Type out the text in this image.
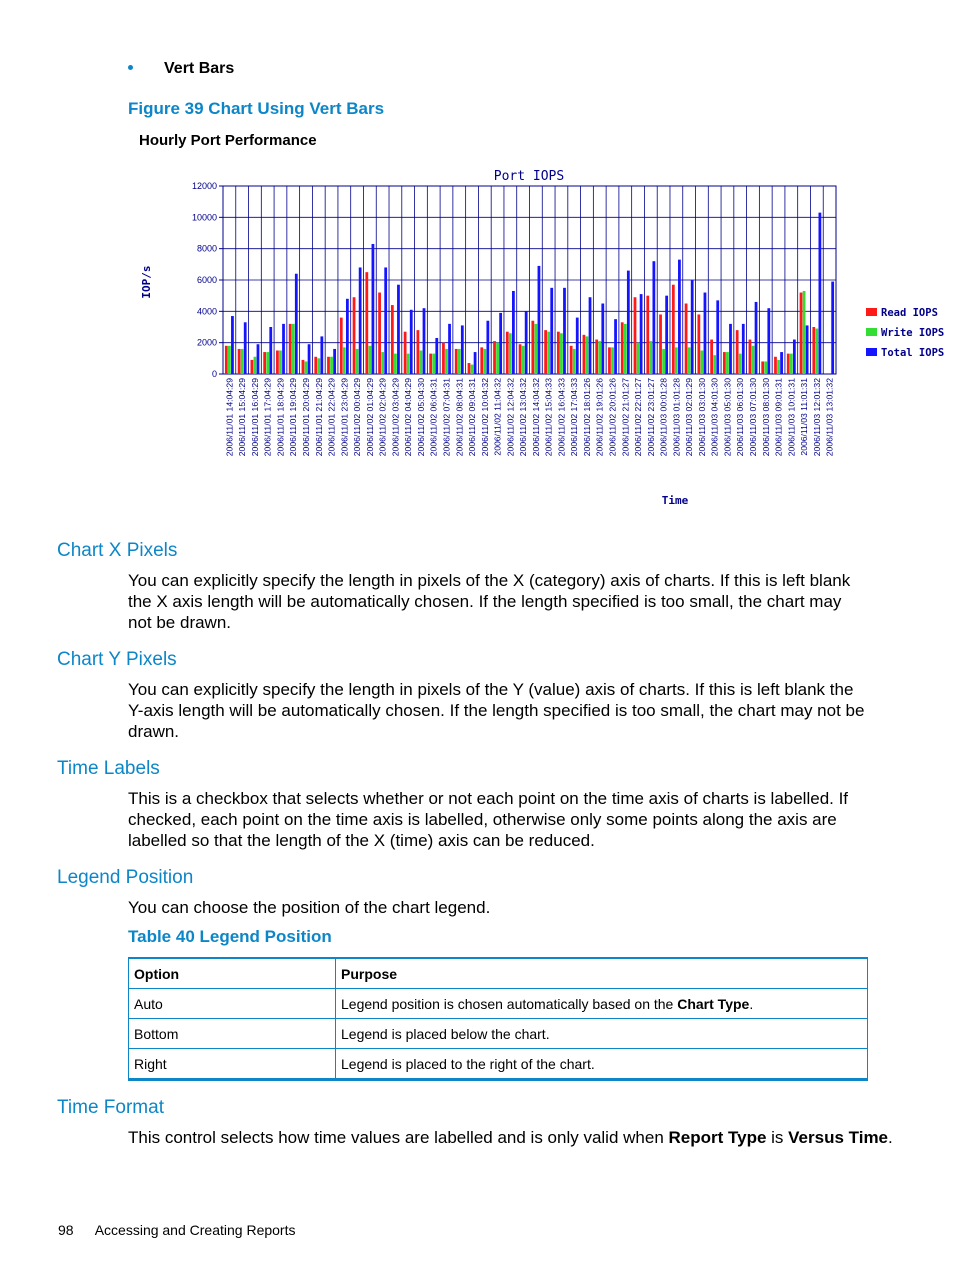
Vert Bars
Figure 39 Chart Using Vert Bars
Hourly Port Performance
Port IOPS
IOP/s
Time
0
2000
4000
6000
8000
10000
12000
2006/11/01 14:04:29 2006/11/01 15:04:29 2006/11/01 16:04:29 2006/11/01 17:04:29 2006/11/01 18:04:29 2006/11/01 19:04:29 2006/11/01 20:04:29 2006/11/01 21:04:29 2006/11/01 22:04:29 2006/11/01 23:04:29 2006/11/02 00:04:29 2006/11/02 01:04:29 2006/11/02 02:04:29 2006/11/02 03:04:29 2006/11/02 04:04:29 2006/11/02 05:04:30 2006/11/02 06:04:31 2006/11/02 07:04:31 2006/11/02 08:04:31 2006/11/02 09:04:31 2006/11/02 10:04:32 2006/11/02 11:04:32 2006/11/02 12:04:32 2006/11/02 13:04:32 2006/11/02 14:04:32 2006/11/02 15:04:33 2006/11/02 16:04:33 2006/11/02 17:04:33 2006/11/02 18:01:26 2006/11/02 19:01:26 2006/11/02 20:01:26 2006/11/02 21:01:27 2006/11/02 22:01:27 2006/11/02 23:01:27 2006/11/03 00:01:28 2006/11/03 01:01:28 2006/11/03 02:01:29 2006/11/03 03:01:30 2006/11/03 04:01:30 2006/11/03 05:01:30 2006/11/03 06:01:30 2006/11/03 07:01:30 2006/11/03 08:01:30 2006/11/03 09:01:31 2006/11/03 10:01:31 2006/11/03 11:01:31 2006/11/03 12:01:32 2006/11/03 13:01:32
Read IOPS
Write IOPS
Total IOPS
Chart X Pixels
You can explicitly specify the length in pixels of the X (category) axis of charts. If this is left blank the X axis length will be automatically chosen. If the length specified is too small, the chart may not be drawn.
Chart Y Pixels
You can explicitly specify the length in pixels of the Y (value) axis of charts. If this is left blank the Y-axis length will be automatically chosen. If the length specified is too small, the chart may not be drawn.
Time Labels
This is a checkbox that selects whether or not each point on the time axis of charts is labelled. If checked, each point on the time axis is labelled, otherwise only some points along the axis are labelled so that the length of the X (time) axis can be reduced.
Legend Position
You can choose the position of the chart legend.
Table 40 Legend Position
Option	Purpose
Auto	Legend position is chosen automatically based on the Chart Type.
Bottom	Legend is placed below the chart.
Right	Legend is placed to the right of the chart.
Time Format
This control selects how time values are labelled and is only valid when Report Type is Versus Time.
98 Accessing and Creating Reports
